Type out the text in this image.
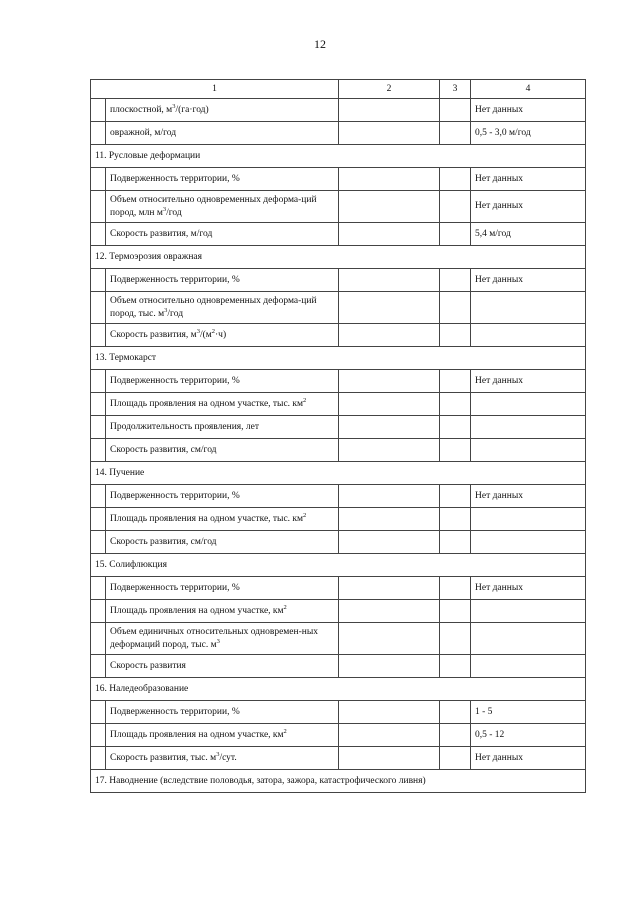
12
1		2	3	4
	плоскостной, $м^3/(га\cdot год)$			Нет данных
	овражной, м/год			0,5 - 3,0 м/год
11. Русловые деформации				
	Подверженность территории, %			Нет данных
	Объем относительно одновременных деформа-ций пород, млн $м^3$/год			Нет данных
	Скорость развития, м/год			5,4 м/год
12. Термоэрозия овражная				
	Подверженность территории, %			Нет данных
	Объем относительно одновременных деформа-ций пород, тыс. $м^3$/год			
	Скорость развития, $м^3/(м^2\cdot ч)$			
13. Термокарст				
	Подверженность территории, %			Нет данных
	Площадь проявления на одном участке, тыс. $км^2$			
	Продолжительность проявления, лет			
	Скорость развития, см/год			
14. Пучение				
	Подверженность территории, %			Нет данных
	Площадь проявления на одном участке, тыс. $км^2$			
	Скорость развития, см/год			
15. Солифлюкция				
	Подверженность территории, %			Нет данных
	Площадь проявления на одном участке, $км^2$			
	Объем единичных относительных одновремен-ных деформаций пород, тыс. $м^3$			
	Скорость развития			
16. Наледеобразование				
	Подверженность территории, %			1 - 5
	Площадь проявления на одном участке, $км^2$			0,5 - 12
	Скорость развития, тыс. $м^3$/сут.			Нет данных
17. Наводнение (вследствие половодья, затора, зажора, катастрофического ливня)				
